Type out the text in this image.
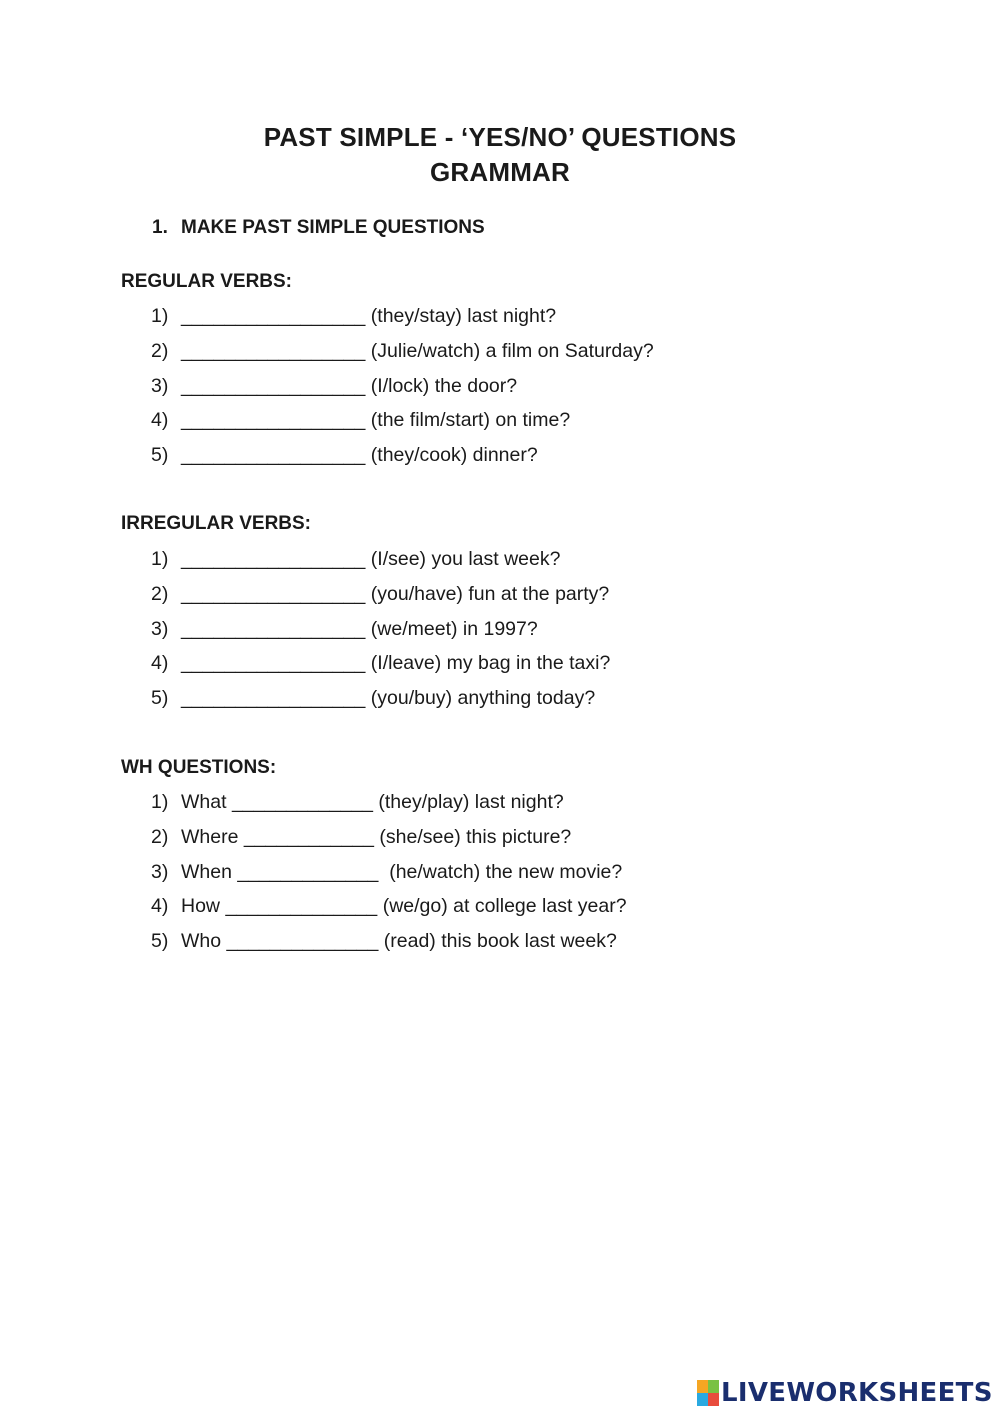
PAST SIMPLE - ‘YES/NO’ QUESTIONS
GRAMMAR
1. MAKE PAST SIMPLE QUESTIONS
REGULAR VERBS:
1) _________________ (they/stay) last night?
2) _________________ (Julie/watch) a film on Saturday?
3) _________________ (I/lock) the door?
4) _________________ (the film/start) on time?
5) _________________ (they/cook) dinner?
IRREGULAR VERBS:
1) _________________ (I/see) you last week?
2) _________________ (you/have) fun at the party?
3) _________________ (we/meet) in 1997?
4) _________________ (I/leave) my bag in the taxi?
5) _________________ (you/buy) anything today?
WH QUESTIONS:
1) What _____________ (they/play) last night?
2) Where ____________ (she/see) this picture?
3) When _____________ (he/watch) the new movie?
4) How ______________ (we/go) at college last year?
5) Who ______________ (read) this book last week?
LIVEWORKSHEETS
